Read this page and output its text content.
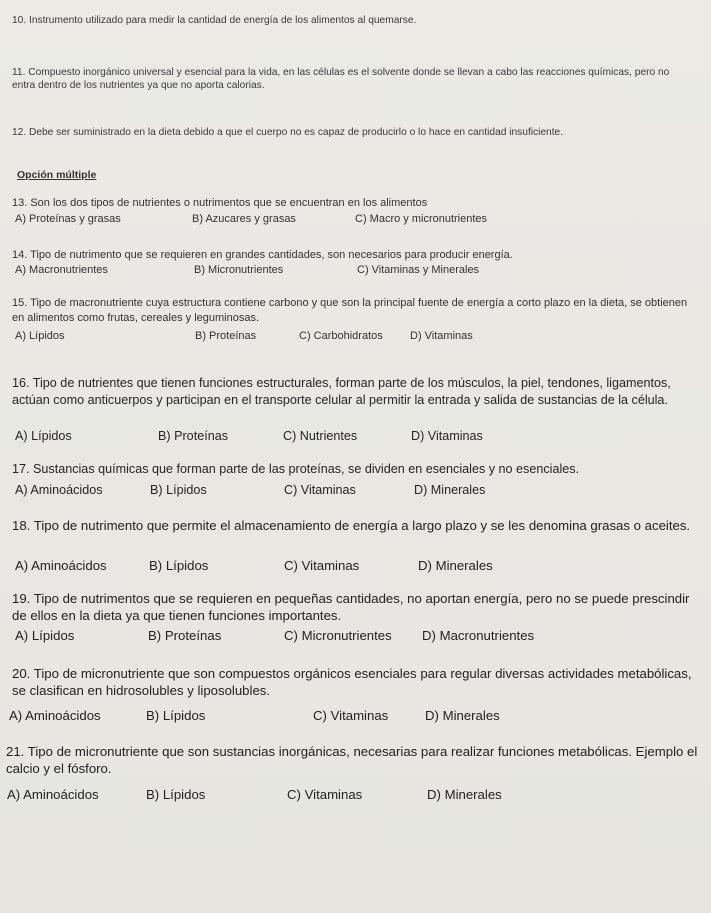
10. Instrumento utilizado para medir la cantidad de energía de los alimentos al quemarse.

11. Compuesto inorgánico universal y esencial para la vida, en las células es el solvente donde se llevan a cabo las reacciones químicas, pero no entra dentro de los nutrientes ya que no aporta calorias.

12. Debe ser suministrado en la dieta debido a que el cuerpo no es capaz de producirlo o lo hace en cantidad insuficiente.

Opción múltiple

13. Son los dos tipos de nutrientes o nutrimentos que se encuentran en los alimentos

A) Proteínas y grasas	B) Azucares y grasas	C) Macro y micronutrientes

14. Tipo de nutrimento que se requieren en grandes cantidades, son necesarios para producir energía.

A) Macronutrientes	B) Micronutrientes	C) Vitaminas y Minerales

15. Tipo de macronutriente cuya estructura contiene carbono y que son la principal fuente de energía a corto plazo en la dieta, se obtienen en alimentos como frutas, cereales y leguminosas.

A) Lípidos	B) Proteínas	C) Carbohidratos D) Vitaminas

16. Tipo de nutrientes que tienen funciones estructurales, forman parte de los músculos, la piel, tendones, ligamentos, actúan como anticuerpos y participan en el transporte celular al permitir la entrada y salida de sustancias de la célula.

A) Lípidos	B) Proteínas	C) Nutrientes	D) Vitaminas

17. Sustancias químicas que forman parte de las proteínas, se dividen en esenciales y no esenciales.

A) Aminoácidos	B) Lípidos	C) Vitaminas	D) Minerales

18. Tipo de nutrimento que permite el almacenamiento de energía a largo plazo y se les denomina grasas o aceites.

A) Aminoácidos	B) Lípidos	C) Vitaminas	D) Minerales

19. Tipo de nutrimentos que se requieren en pequeñas cantidades, no aportan energía, pero no se puede prescindir de ellos en la dieta ya que tienen funciones importantes.

A) Lípidos	B) Proteínas	C) Micronutrientes D) Macronutrientes

20. Tipo de micronutriente que son compuestos orgánicos esenciales para regular diversas actividades metabólicas, se clasifican en hidrosolubles y liposolubles.

A) Aminoácidos	B) Lípidos	C) Vitaminas	D) Minerales

21. Tipo de micronutriente que son sustancias inorgánicas, necesarias para realizar funciones metabólicas. Ejemplo el calcio y el fósforo.

A) Aminoácidos	B) Lípidos	C) Vitaminas	D) Minerales
